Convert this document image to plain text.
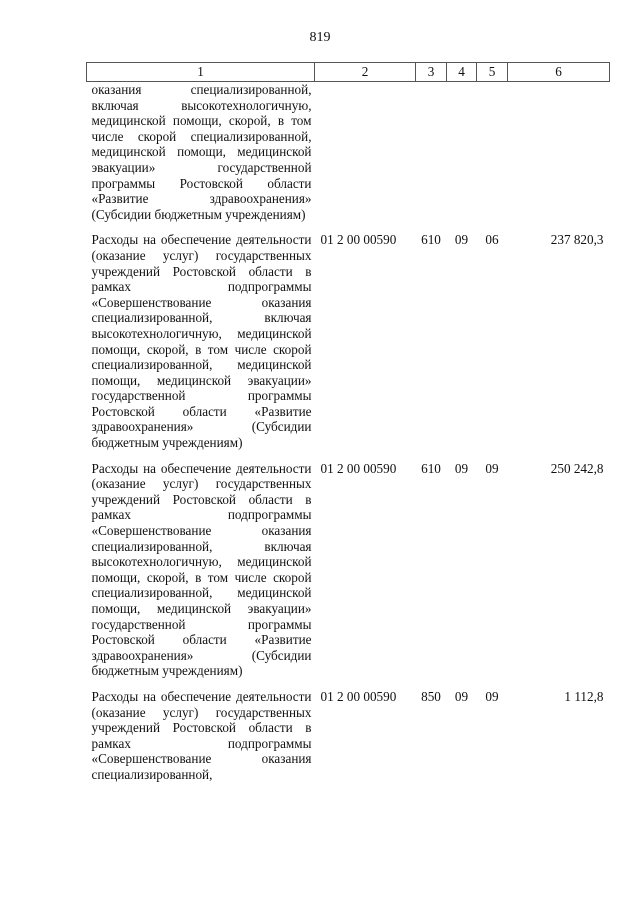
819
1	2	3	4	5	6
оказания специализированной, включая высокотехнологичную, медицинской помощи, скорой, в том числе скорой специализированной, медицинской помощи, медицинской эвакуации» государственной программы Ростовской области «Развитие здравоохранения» (Субсидии бюджетным учреждениям)					
Расходы на обеспечение деятельности (оказание услуг) государственных учреждений Ростовской области в рамках подпрограммы «Совершенствование оказания специализированной, включая высокотехнологичную, медицинской помощи, скорой, в том числе скорой специализированной, медицинской помощи, медицинской эвакуации» государственной программы Ростовской области «Развитие здравоохранения» (Субсидии бюджетным учреждениям)	01 2 00 00590	610	09	06	237 820,3
Расходы на обеспечение деятельности (оказание услуг) государственных учреждений Ростовской области в рамках подпрограммы «Совершенствование оказания специализированной, включая высокотехнологичную, медицинской помощи, скорой, в том числе скорой специализированной, медицинской помощи, медицинской эвакуации» государственной программы Ростовской области «Развитие здравоохранения» (Субсидии бюджетным учреждениям)	01 2 00 00590	610	09	09	250 242,8
Расходы на обеспечение деятельности (оказание услуг) государственных учреждений Ростовской области в рамках подпрограммы «Совершенствование оказания специализированной,	01 2 00 00590	850	09	09	1 112,8
